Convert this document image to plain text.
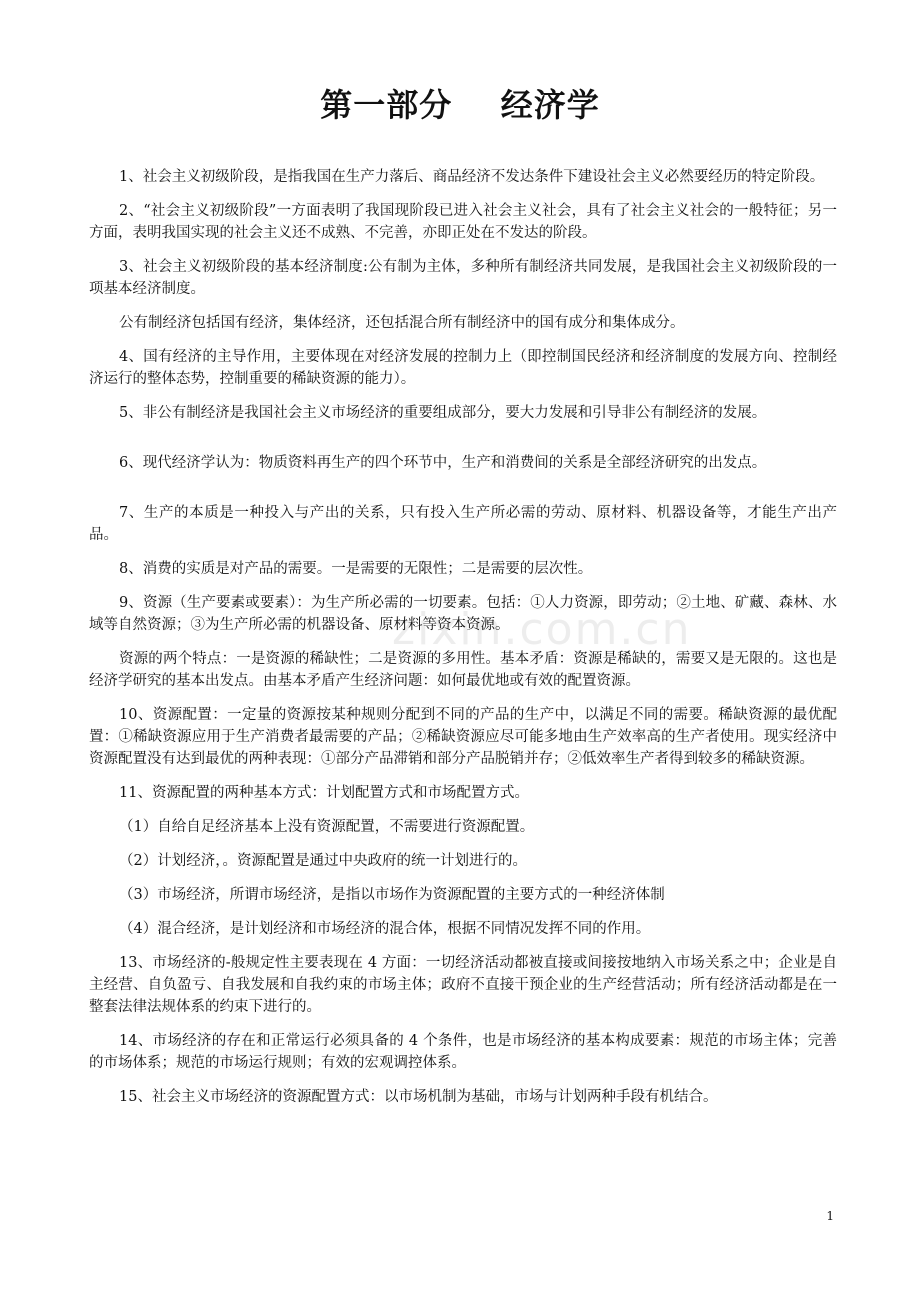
第一部分    经济学
zixin.com.cn

1、社会主义初级阶段，是指我国在生产力落后、商品经济不发达条件下建设社会主义必然要经历的特定阶段。

2、“社会主义初级阶段”一方面表明了我国现阶段已进入社会主义社会，具有了社会主义社会的一般特征；另一方面，表明我国实现的社会主义还不成熟、不完善，亦即正处在不发达的阶段。

3、社会主义初级阶段的基本经济制度:公有制为主体，多种所有制经济共同发展，是我国社会主义初级阶段的一项基本经济制度。

公有制经济包括国有经济，集体经济，还包括混合所有制经济中的国有成分和集体成分。

4、国有经济的主导作用，主要体现在对经济发展的控制力上（即控制国民经济和经济制度的发展方向、控制经济运行的整体态势，控制重要的稀缺资源的能力）。

5、非公有制经济是我国社会主义市场经济的重要组成部分，要大力发展和引导非公有制经济的发展。

6、现代经济学认为：物质资料再生产的四个环节中，生产和消费间的关系是全部经济研究的出发点。

7、生产的本质是一种投入与产出的关系，只有投入生产所必需的劳动、原材料、机器设备等，才能生产出产品。

8、消费的实质是对产品的需要。一是需要的无限性；二是需要的层次性。

9、资源（生产要素或要素）：为生产所必需的一切要素。包括：①人力资源，即劳动；②土地、矿藏、森林、水域等自然资源；③为生产所必需的机器设备、原材料等资本资源。

资源的两个特点：一是资源的稀缺性；二是资源的多用性。基本矛盾：资源是稀缺的，需要又是无限的。这也是经济学研究的基本出发点。由基本矛盾产生经济问题：如何最优地或有效的配置资源。

10、资源配置：一定量的资源按某种规则分配到不同的产品的生产中，以满足不同的需要。稀缺资源的最优配置：①稀缺资源应用于生产消费者最需要的产品；②稀缺资源应尽可能多地由生产效率高的生产者使用。现实经济中资源配置没有达到最优的两种表现：①部分产品滞销和部分产品脱销并存；②低效率生产者得到较多的稀缺资源。

11、资源配置的两种基本方式：计划配置方式和市场配置方式。

（1）自给自足经济基本上没有资源配置，不需要进行资源配置。

（2）计划经济，。资源配置是通过中央政府的统一计划进行的。

（3）市场经济，所谓市场经济，是指以市场作为资源配置的主要方式的一种经济体制

（4）混合经济，是计划经济和市场经济的混合体，根据不同情况发挥不同的作用。

13、市场经济的-般规定性主要表现在 4 方面：一切经济活动都被直接或间接按地纳入市场关系之中；企业是自主经营、自负盈亏、自我发展和自我约束的市场主体；政府不直接干预企业的生产经营活动；所有经济活动都是在一整套法律法规体系的约束下进行的。

14、市场经济的存在和正常运行必须具备的 4 个条件，也是市场经济的基本构成要素：规范的市场主体；完善的市场体系；规范的市场运行规则；有效的宏观调控体系。

15、社会主义市场经济的资源配置方式：以市场机制为基础，市场与计划两种手段有机结合。

1
